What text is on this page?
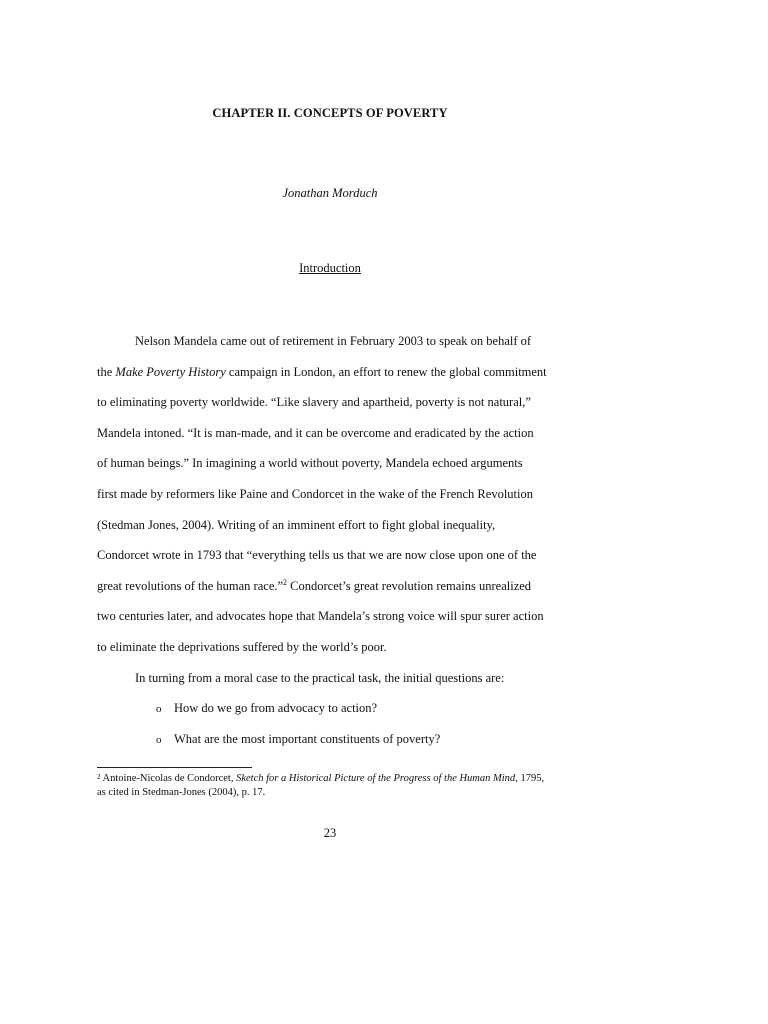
CHAPTER II. CONCEPTS OF POVERTY
Jonathan Morduch
Introduction
Nelson Mandela came out of retirement in February 2003 to speak on behalf of
the Make Poverty History campaign in London, an effort to renew the global commitment
to eliminating poverty worldwide. “Like slavery and apartheid, poverty is not natural,”
Mandela intoned. “It is man-made, and it can be overcome and eradicated by the action
of human beings.” In imagining a world without poverty, Mandela echoed arguments
first made by reformers like Paine and Condorcet in the wake of the French Revolution
(Stedman Jones, 2004). Writing of an imminent effort to fight global inequality,
Condorcet wrote in 1793 that “everything tells us that we are now close upon one of the
great revolutions of the human race.”$^2$ Condorcet’s great revolution remains unrealized
two centuries later, and advocates hope that Mandela’s strong voice will spur surer action
to eliminate the deprivations suffered by the world’s poor.
In turning from a moral case to the practical task, the initial questions are:
o How do we go from advocacy to action?
o What are the most important constituents of poverty?
$^2$ Antoine-Nicolas de Condorcet, Sketch for a Historical Picture of the Progress of the Human Mind, 1795,
as cited in Stedman-Jones (2004), p. 17.
23
